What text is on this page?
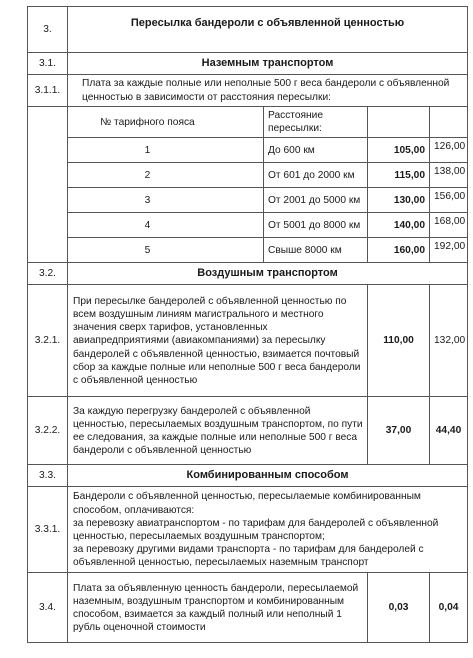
3.	Пересылка бандероли с объявленной ценностью			
3.1.	Наземным транспортом			
3.1.1.	Плата за каждые полные или неполные 500 г веса бандероли с объявленной ценностью в зависимости от расстояния пересылки:			
	№ тарифного пояса	Расстояние пересылки:		
	1	До 600 км	105,00	126,00
	2	От 601 до 2000 км	115,00	138,00
	3	От 2001 до 5000 км	130,00	156,00
	4	От 5001 до 8000 км	140,00	168,00
	5	Свыше 8000 км	160,00	192,00
3.2.	Воздушным транспортом			
3.2.1.	При пересылке бандеролей с объявленной ценностью по всем воздушным линиям магистрального и местного значения сверх тарифов, установленных авиапредприятиями (авиакомпаниями) за пересылку бандеролей с объявленной ценностью, взимается почтовый сбор за каждые полные или неполные 500 г веса бандероли с объявленной ценностью		110,00	132,00
3.2.2.	За каждую перегрузку бандеролей с объявленной ценностью, пересылаемых воздушным транспортом, по пути ее следования, за каждые полные или неполные 500 г веса бандероли с объявленной ценностью		37,00	44,40
3.3.	Комбинированным способом			
3.3.1.	Бандероли с объявленной ценностью, пересылаемые комбинированным способом, оплачиваются:
за перевозку авиатранспортом - по тарифам для бандеролей с объявленной ценностью, пересылаемых воздушным транспортом;
за перевозку другими видами транспорта - по тарифам для бандеролей с объявленной ценностью, пересылаемых наземным транспорт			

3.4.	Плата за объявленную ценность бандероли, пересылаемой наземным, воздушным транспортом и комбинированным способом, взимается за каждый полный или неполный 1 рубль оценочной стоимости		0,03	0,04
